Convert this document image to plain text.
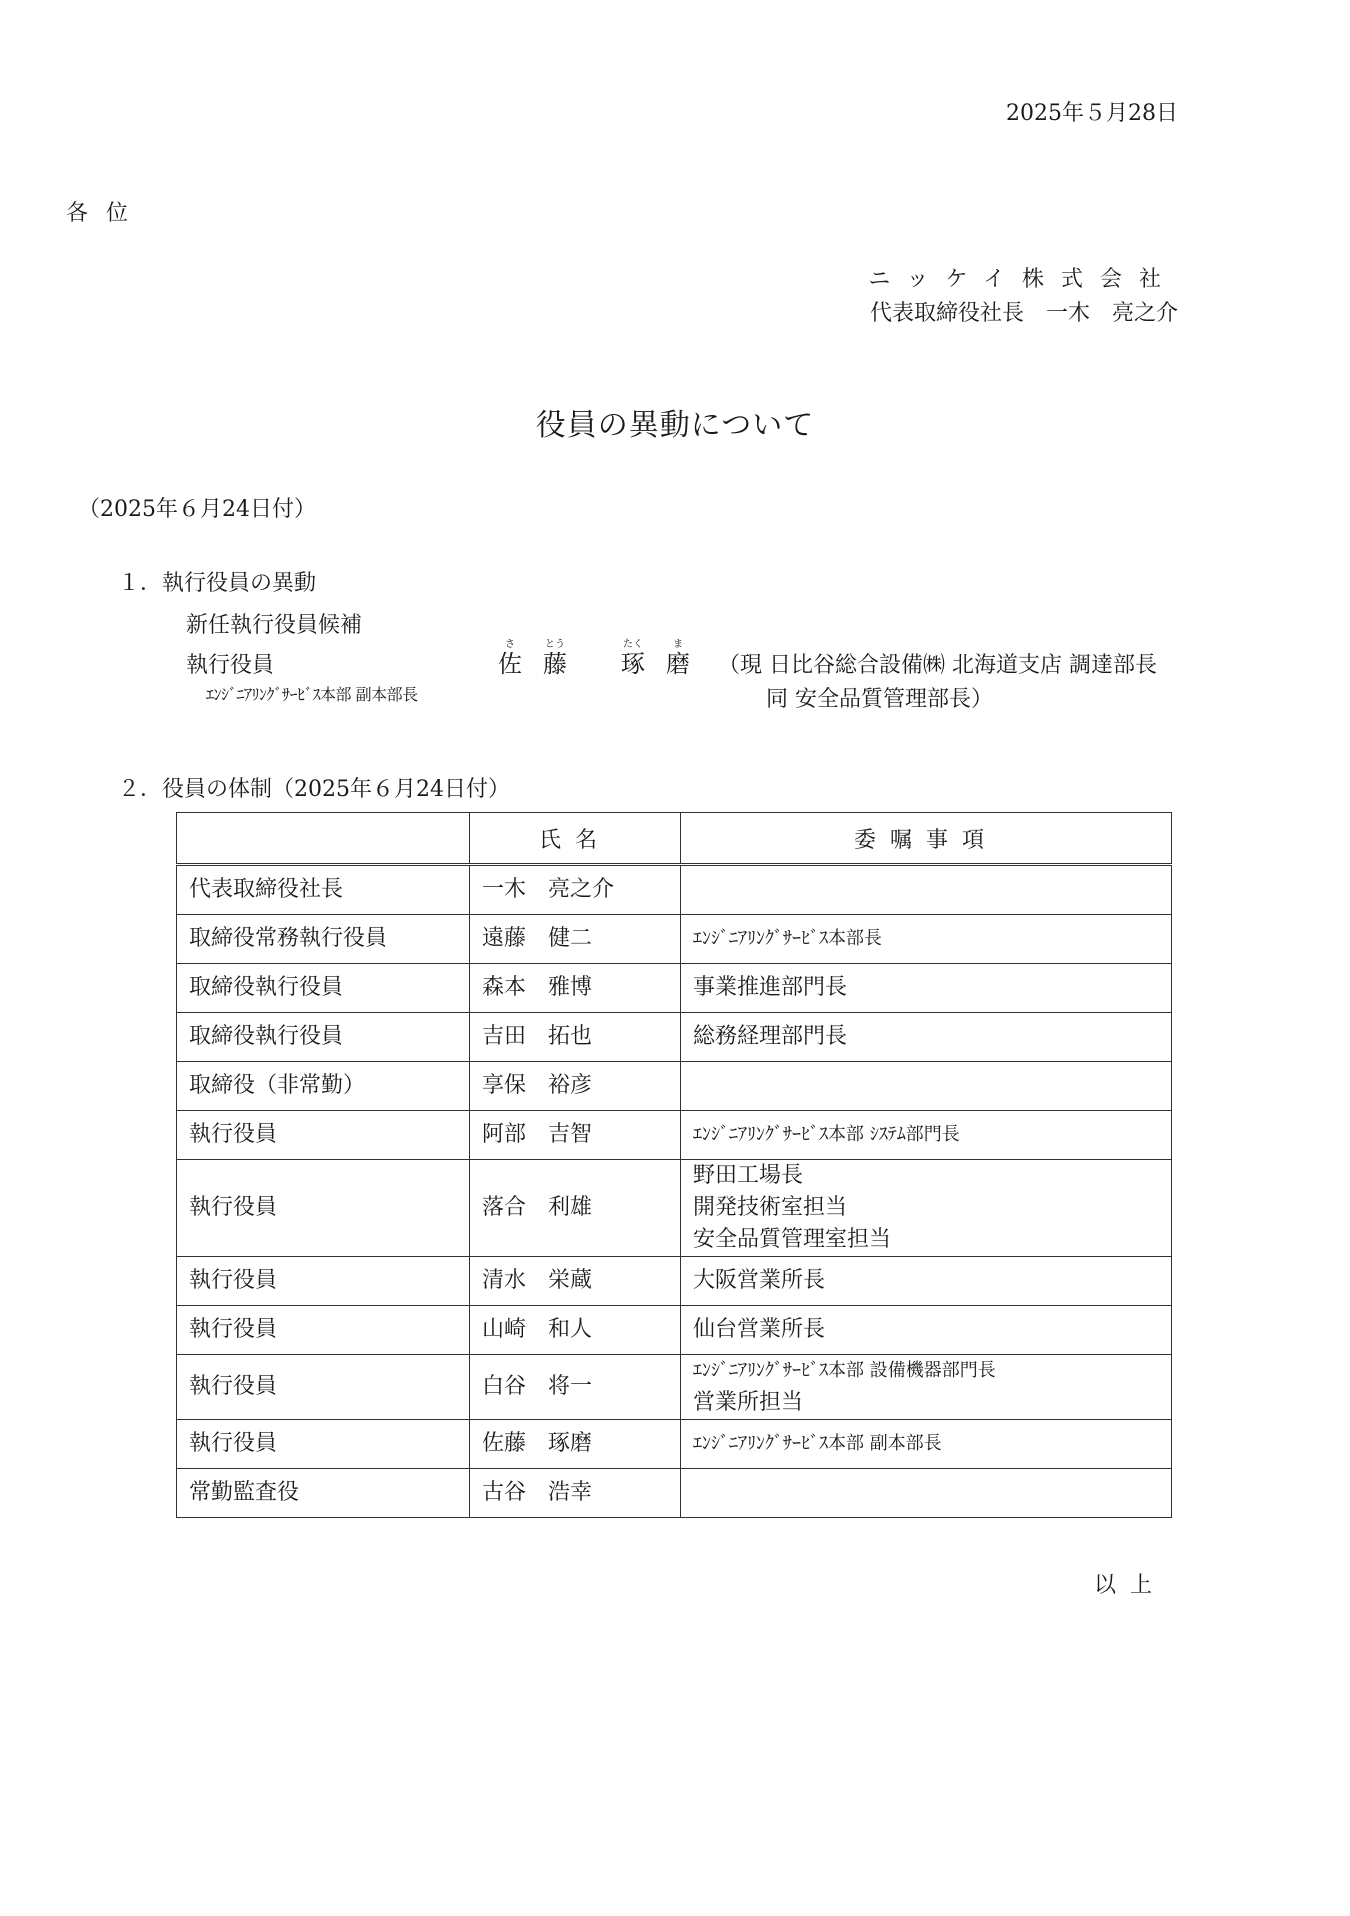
2025年５月28日
各位
ニッケイ株式会社
代表取締役社長　一木　亮之介
役員の異動について
（2025年６月24日付）
１．執行役員の異動
新任執行役員候補
執行役員
さ
佐

とう
藤

たく
琢

ま
磨 （現 日比谷総合設備㈱ 北海道支店 調達部長
ｴﾝｼﾞﾆｱﾘﾝｸﾞｻｰﾋﾞｽ本部 副本部長	同 安全品質管理部長）
２．役員の体制（2025年６月24日付）
	氏名	委嘱事項
代表取締役社長	一木　亮之介	

取締役常務執行役員	遠藤　健二	ｴﾝｼﾞﾆｱﾘﾝｸﾞｻｰﾋﾞｽ本部長

取締役執行役員	森本　雅博	事業推進部門長

取締役執行役員	吉田　拓也	総務経理部門長

取締役（非常勤）	享保　裕彦	

執行役員	阿部　吉智	ｴﾝｼﾞﾆｱﾘﾝｸﾞｻｰﾋﾞｽ本部 ｼｽﾃﾑ部門長

執行役員	落合　利雄	野田工場長
開発技術室担当
安全品質管理室担当

執行役員	清水　栄蔵	大阪営業所長

執行役員	山崎　和人	仙台営業所長

執行役員	白谷　将一	ｴﾝｼﾞﾆｱﾘﾝｸﾞｻｰﾋﾞｽ本部 設備機器部門長
営業所担当

執行役員	佐藤　琢磨	ｴﾝｼﾞﾆｱﾘﾝｸﾞｻｰﾋﾞｽ本部 副本部長

常勤監査役	古谷　浩幸	
以上
